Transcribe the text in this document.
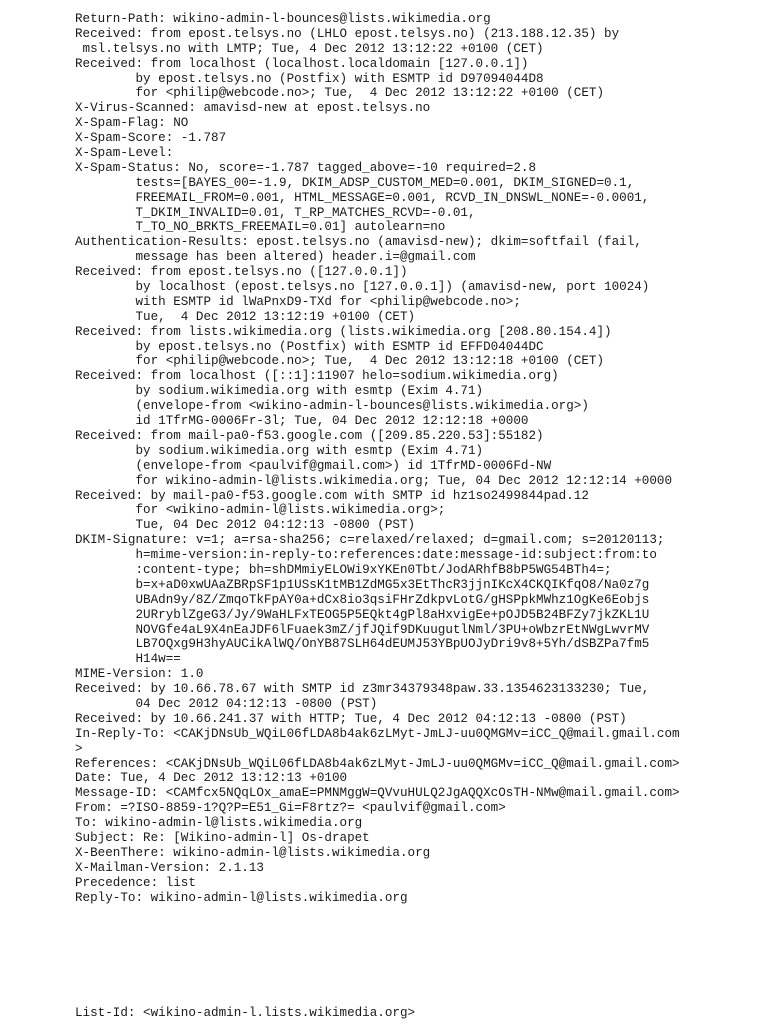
Return-Path: wikino-admin-l-bounces@lists.wikimedia.org
Received: from epost.telsys.no (LHLO epost.telsys.no) (213.188.12.35) by
msl.telsys.no with LMTP; Tue, 4 Dec 2012 13:12:22 +0100 (CET)
Received: from localhost (localhost.localdomain [127.0.0.1])
by epost.telsys.no (Postfix) with ESMTP id D97094044D8
for <philip@webcode.no>; Tue,  4 Dec 2012 13:12:22 +0100 (CET)
X-Virus-Scanned: amavisd-new at epost.telsys.no
X-Spam-Flag: NO
X-Spam-Score: -1.787
X-Spam-Level:
X-Spam-Status: No, score=-1.787 tagged_above=-10 required=2.8
tests=[BAYES_00=-1.9, DKIM_ADSP_CUSTOM_MED=0.001, DKIM_SIGNED=0.1,
FREEMAIL_FROM=0.001, HTML_MESSAGE=0.001, RCVD_IN_DNSWL_NONE=-0.0001,
T_DKIM_INVALID=0.01, T_RP_MATCHES_RCVD=-0.01,
T_TO_NO_BRKTS_FREEMAIL=0.01] autolearn=no
Authentication-Results: epost.telsys.no (amavisd-new); dkim=softfail (fail,
message has been altered) header.i=@gmail.com
Received: from epost.telsys.no ([127.0.0.1])
by localhost (epost.telsys.no [127.0.0.1]) (amavisd-new, port 10024)
with ESMTP id lWaPnxD9-TXd for <philip@webcode.no>;
Tue,  4 Dec 2012 13:12:19 +0100 (CET)
Received: from lists.wikimedia.org (lists.wikimedia.org [208.80.154.4])
by epost.telsys.no (Postfix) with ESMTP id EFFD04044DC
for <philip@webcode.no>; Tue,  4 Dec 2012 13:12:18 +0100 (CET)
Received: from localhost ([::1]:11907 helo=sodium.wikimedia.org)
by sodium.wikimedia.org with esmtp (Exim 4.71)
(envelope-from <wikino-admin-l-bounces@lists.wikimedia.org>)
id 1TfrMG-0006Fr-3l; Tue, 04 Dec 2012 12:12:18 +0000
Received: from mail-pa0-f53.google.com ([209.85.220.53]:55182)
by sodium.wikimedia.org with esmtp (Exim 4.71)
(envelope-from <paulvif@gmail.com>) id 1TfrMD-0006Fd-NW
for wikino-admin-l@lists.wikimedia.org; Tue, 04 Dec 2012 12:12:14 +0000
Received: by mail-pa0-f53.google.com with SMTP id hz1so2499844pad.12
for <wikino-admin-l@lists.wikimedia.org>;
Tue, 04 Dec 2012 04:12:13 -0800 (PST)
DKIM-Signature: v=1; a=rsa-sha256; c=relaxed/relaxed; d=gmail.com; s=20120113;
h=mime-version:in-reply-to:references:date:message-id:subject:from:to
:content-type; bh=shDMmiyELOWi9xYKEn0Tbt/JodARhfB8bP5WG54BTh4=;
b=x+aD0xwUAaZBRpSF1p1USsK1tMB1ZdMG5x3EtThcR3jjnIKcX4CKQIKfqO8/Na0z7g
UBAdn9y/8Z/ZmqoTkFpAY0a+dCx8io3qsiFHrZdkpvLotG/gHSPpkMWhz1OgKe6Eobjs
2URryblZgeG3/Jy/9WaHLFxTEOG5P5EQkt4gPl8aHxvigEe+pOJD5B24BFZy7jkZKL1U
NOVGfe4aL9X4nEaJDF6lFuaek3mZ/jfJQif9DKuugutlNml/3PU+oWbzrEtNWgLwvrMV
LB7OQxg9H3hyAUCikAlWQ/OnYB87SLH64dEUMJ53YBpUOJyDri9v8+5Yh/dSBZPa7fm5
H14w==
MIME-Version: 1.0
Received: by 10.66.78.67 with SMTP id z3mr34379348paw.33.1354623133230; Tue,
04 Dec 2012 04:12:13 -0800 (PST)
Received: by 10.66.241.37 with HTTP; Tue, 4 Dec 2012 04:12:13 -0800 (PST)
In-Reply-To: <CAKjDNsUb_WQiL06fLDA8b4ak6zLMyt-JmLJ-uu0QMGMv=iCC_Q@mail.gmail.com
>
References: <CAKjDNsUb_WQiL06fLDA8b4ak6zLMyt-JmLJ-uu0QMGMv=iCC_Q@mail.gmail.com>
Date: Tue, 4 Dec 2012 13:12:13 +0100
Message-ID: <CAMfcx5NQqLOx_amaE=PMNMggW=QVvuHULQ2JgAQQXcOsTH-NMw@mail.gmail.com>
From: =?ISO-8859-1?Q?P=E51_Gi=F8rtz?= <paulvif@gmail.com>
To: wikino-admin-l@lists.wikimedia.org
Subject: Re: [Wikino-admin-l] Os-drapet
X-BeenThere: wikino-admin-l@lists.wikimedia.org
X-Mailman-Version: 2.1.13
Precedence: list
Reply-To: wikino-admin-l@lists.wikimedia.org
List-Id: <wikino-admin-l.lists.wikimedia.org>
